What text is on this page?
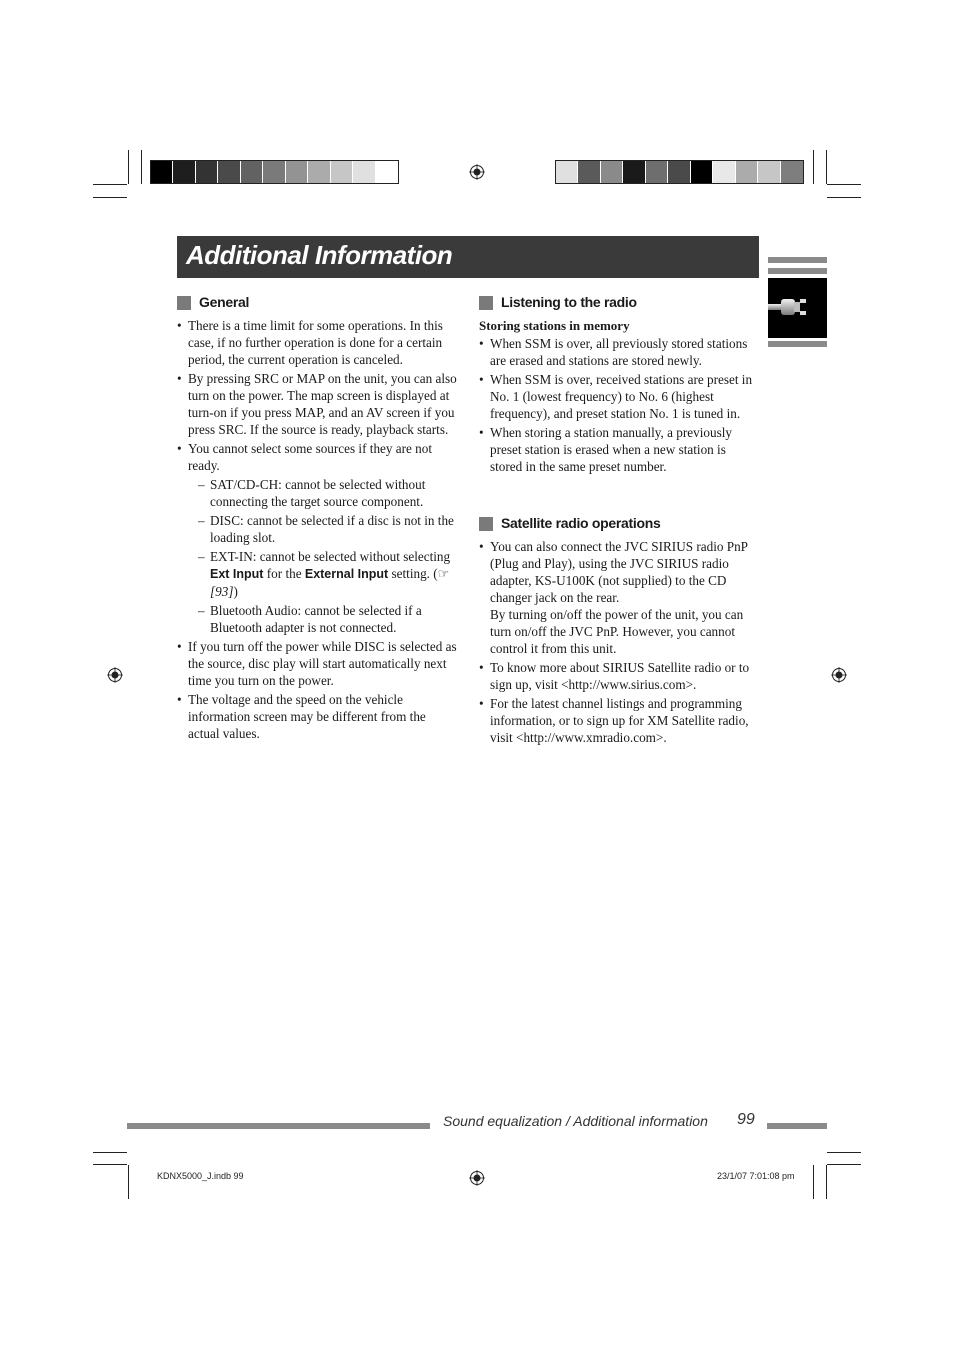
Additional Information
General
• There is a time limit for some operations. In this case, if no further operation is done for a certain period, the current operation is canceled.
• By pressing SRC or MAP on the unit, you can also turn on the power. The map screen is displayed at turn-on if you press MAP, and an AV screen if you press SRC. If the source is ready, playback starts.
• You cannot select some sources if they are not ready.
– SAT/CD-CH: cannot be selected without connecting the target source component.
– DISC: cannot be selected if a disc is not in the loading slot.
– EXT-IN: cannot be selected without selecting Ext Input for the External Input setting. (☞ [93])
– Bluetooth Audio: cannot be selected if a Bluetooth adapter is not connected.
• If you turn off the power while DISC is selected as the source, disc play will start automatically next time you turn on the power.
• The voltage and the speed on the vehicle information screen may be different from the actual values.
Listening to the radio
Storing stations in memory
• When SSM is over, all previously stored stations are erased and stations are stored newly.
• When SSM is over, received stations are preset in No. 1 (lowest frequency) to No. 6 (highest frequency), and preset station No. 1 is tuned in.
• When storing a station manually, a previously preset station is erased when a new station is stored in the same preset number.
Satellite radio operations
• You can also connect the JVC SIRIUS radio PnP (Plug and Play), using the JVC SIRIUS radio adapter, KS-U100K (not supplied) to the CD changer jack on the rear.
By turning on/off the power of the unit, you can turn on/off the JVC PnP. However, you cannot control it from this unit.
• To know more about SIRIUS Satellite radio or to sign up, visit <http://www.sirius.com>.
• For the latest channel listings and programming information, or to sign up for XM Satellite radio, visit <http://www.xmradio.com>.
Sound equalization / Additional information 99
KDNX5000_J.indb 99	23/1/07 7:01:08 pm
